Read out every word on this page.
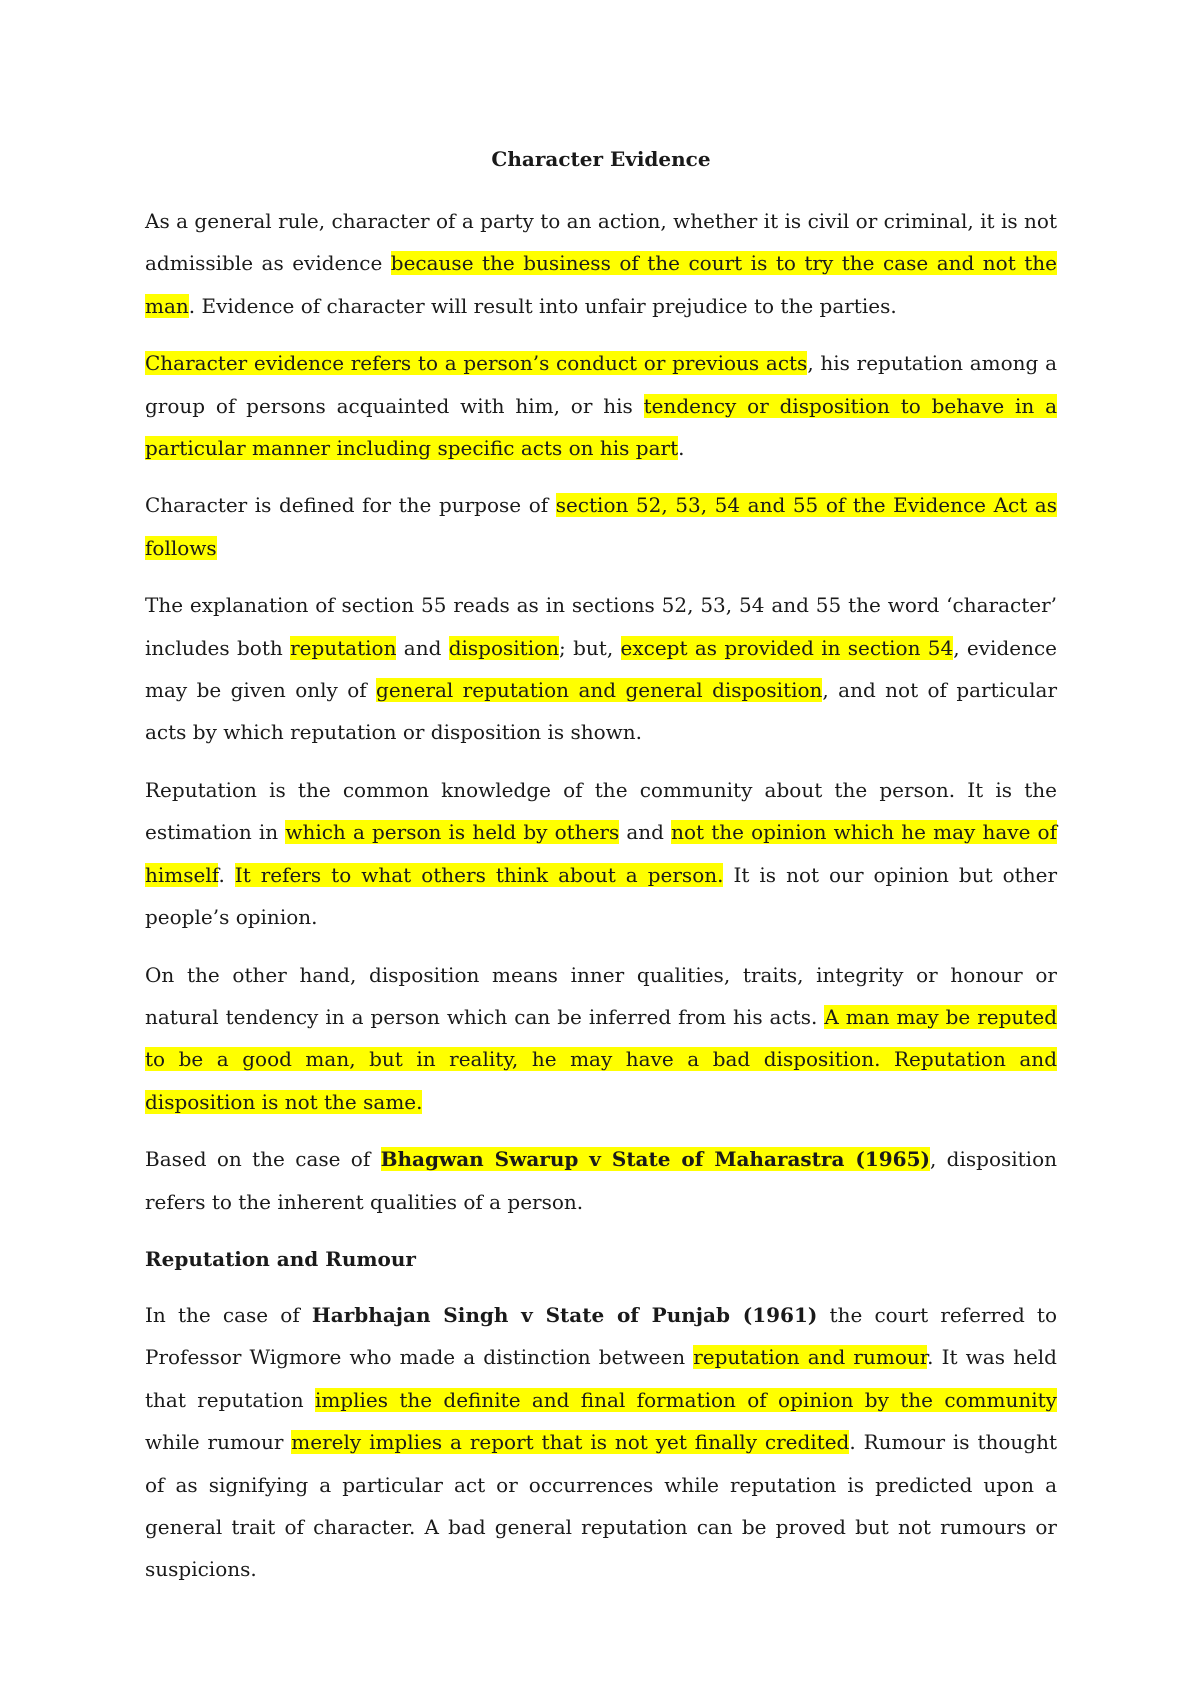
Character Evidence

As a general rule, character of a party to an action, whether it is civil or criminal, it is not admissible as evidence because the business of the court is to try the case and not the man. Evidence of character will result into unfair prejudice to the parties.

Character evidence refers to a person’s conduct or previous acts, his reputation among a group of persons acquainted with him, or his tendency or disposition to behave in a particular manner including specific acts on his part.

Character is defined for the purpose of section 52, 53, 54 and 55 of the Evidence Act as follows

The explanation of section 55 reads as in sections 52, 53, 54 and 55 the word ‘character’ includes both reputation and disposition; but, except as provided in section 54, evidence may be given only of general reputation and general disposition, and not of particular acts by which reputation or disposition is shown.

Reputation is the common knowledge of the community about the person. It is the estimation in which a person is held by others and not the opinion which he may have of himself. It refers to what others think about a person. It is not our opinion but other people’s opinion.

On the other hand, disposition means inner qualities, traits, integrity or honour or natural tendency in a person which can be inferred from his acts. A man may be reputed to be a good man, but in reality, he may have a bad disposition. Reputation and disposition is not the same.

Based on the case of Bhagwan Swarup v State of Maharastra (1965), disposition refers to the inherent qualities of a person.

Reputation and Rumour

In the case of Harbhajan Singh v State of Punjab (1961) the court referred to Professor Wigmore who made a distinction between reputation and rumour. It was held that reputation implies the definite and final formation of opinion by the community while rumour merely implies a report that is not yet finally credited. Rumour is thought of as signifying a particular act or occurrences while reputation is predicted upon a general trait of character. A bad general reputation can be proved but not rumours or suspicions.
